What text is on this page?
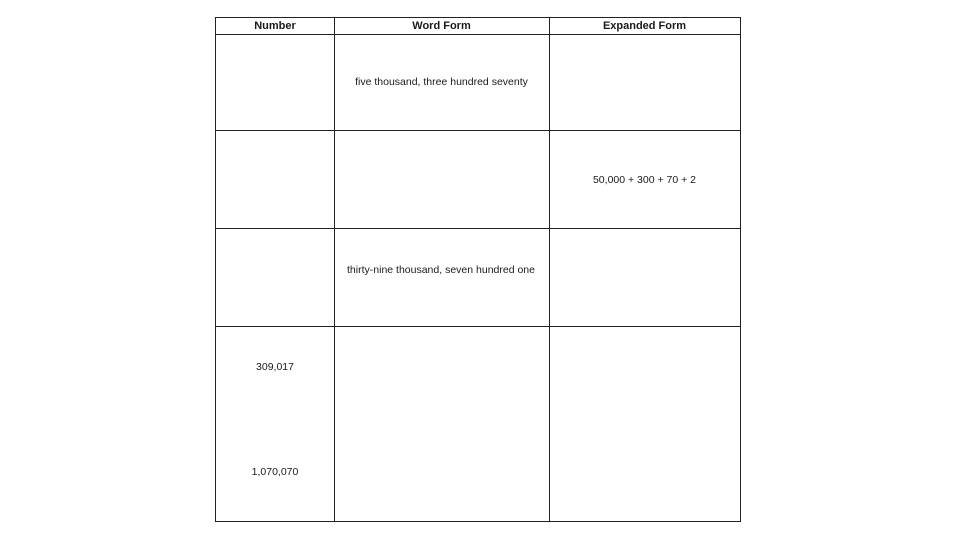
Number	Word Form	Expanded Form
five thousand, three hundred seventy
50,000 + 300 + 70 + 2
thirty-nine thousand, seven hundred one
309,017
1,070,070
